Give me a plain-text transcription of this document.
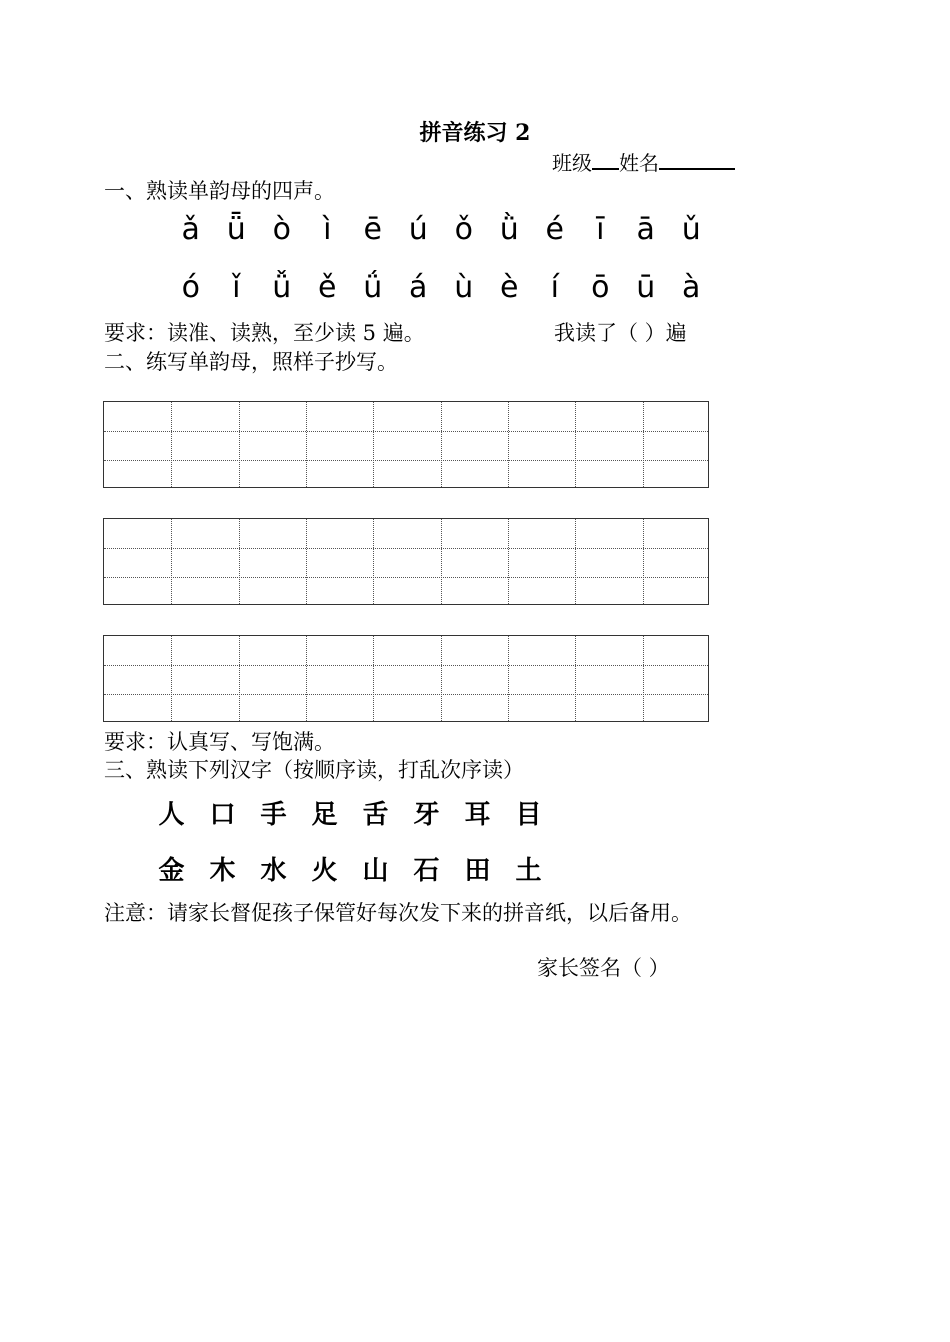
拼音练习 2
班级 姓名
一、熟读单韵母的四声。
ǎ ǖ ò	ì	ē ú ǒ ǜ é	ī	ā ǔ
ó	ǐ	ǚ ě ǘ á ù è	í	ō ū à
要求：读准、读熟，至少读 5 遍。	我读了（ ）遍
二、练写单韵母，照样子抄写。
要求：认真写、写饱满。
三、熟读下列汉字（按顺序读，打乱次序读）
人 口 手 足 舌 牙 耳 目
金 木 水 火 山 石 田 土
注意：请家长督促孩子保管好每次发下来的拼音纸，以后备用。
家长签名（ ）
